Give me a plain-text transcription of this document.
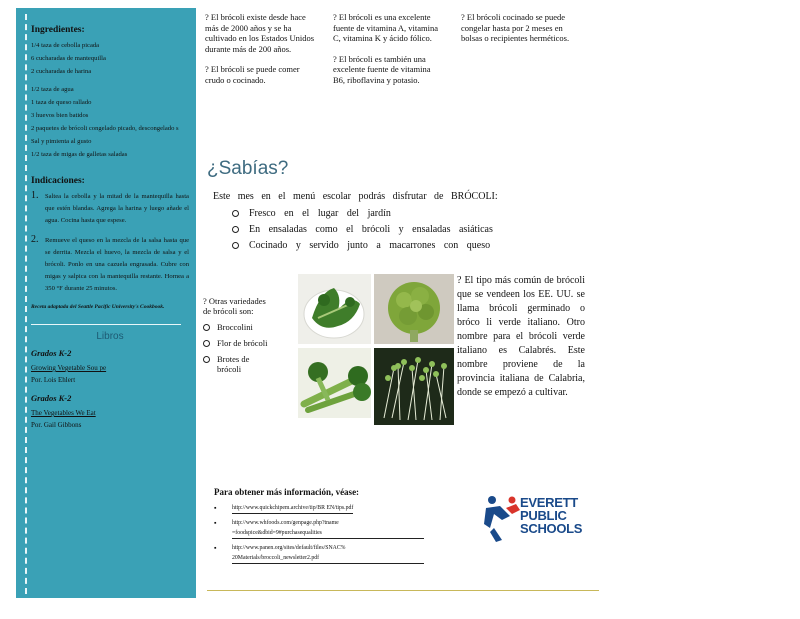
Ingredientes:
1/4 taza de cebolla picada
6 cucharadas de mantequilla
2 cucharadas de harina
1/2 taza de agua
1 taza de queso rallado
3 huevos bien batidos
2 paquetes de brócoli congelado picado, descongelado s
Sal y pimienta al gusto
1/2 taza de migas de galletas saladas
Indicaciones:
1. Saltea la cebolla y la mitad de la mantequilla hasta que estén blandas. Agrega la harina y luego añade el agua. Cocina hasta que espese.
2. Remueve el queso en la mezcla de la salsa hasta que se derrita. Mezcla el huevo, la mezcla de salsa y el brócoli. Ponlo en una cazuela engrasada. Cubre con migas y salpica con la mantequilla restante. Hornea a 350 °F durante 25 minutos.
Receta adaptada del Seattle Pacific University's Cookbook.
Libros
Grados K-2
Growing Vegetable Sou pe
Por. Lois Ehlert
Grados K-2
The Vegetables We Eat
Por. Gail Gibbons
? El brócoli existe desde hace más de 2000 años y se ha cultivado en los Estados Unidos durante más de 200 años.
? El brócoli se puede comer crudo o cocinado.
? El brócoli es una excelente fuente de vitamina A, vitamina C, vitamina K y ácido fólico.
? El brócoli es también una excelente fuente de vitamina B6, riboflavina y potasio.
? El brócoli cocinado se puede congelar hasta por 2 meses en bolsas o recipientes herméticos.
¿Sabías?
Este mes en el menú escolar podrás disfrutar de BRÓCOLI:
Fresco en el lugar del jardín
En ensaladas como el brócoli y ensaladas asiáticas
Cocinado y servido junto a macarrones con queso
? Otras variedades de brócoli son:
Broccolini
Flor de brócoli
Brotes de brócoli
? El tipo más común de brócoli que se vendeen los EE. UU. se llama brócoli germinado o bróco li verde italiano. Otro nombre para el brócoli verde italiano es Calabrés. Este nombre proviene de la provincia italiana de Calabria, donde se empezó a cultivar.
Para obtener más información, véase:
▪	http://www.quickchipem.archive/tip/BR EN/tips.pdf
▪	http://www.whfoods.com/genpage.php?tname =foodspice&dbid=9#purchasequalities
▪	http://www.panen.org/sites/default/files/SNAC% 20Materials/broccoli_newsletter2.pdf
EVERETT
PUBLIC
SCHOOLS
